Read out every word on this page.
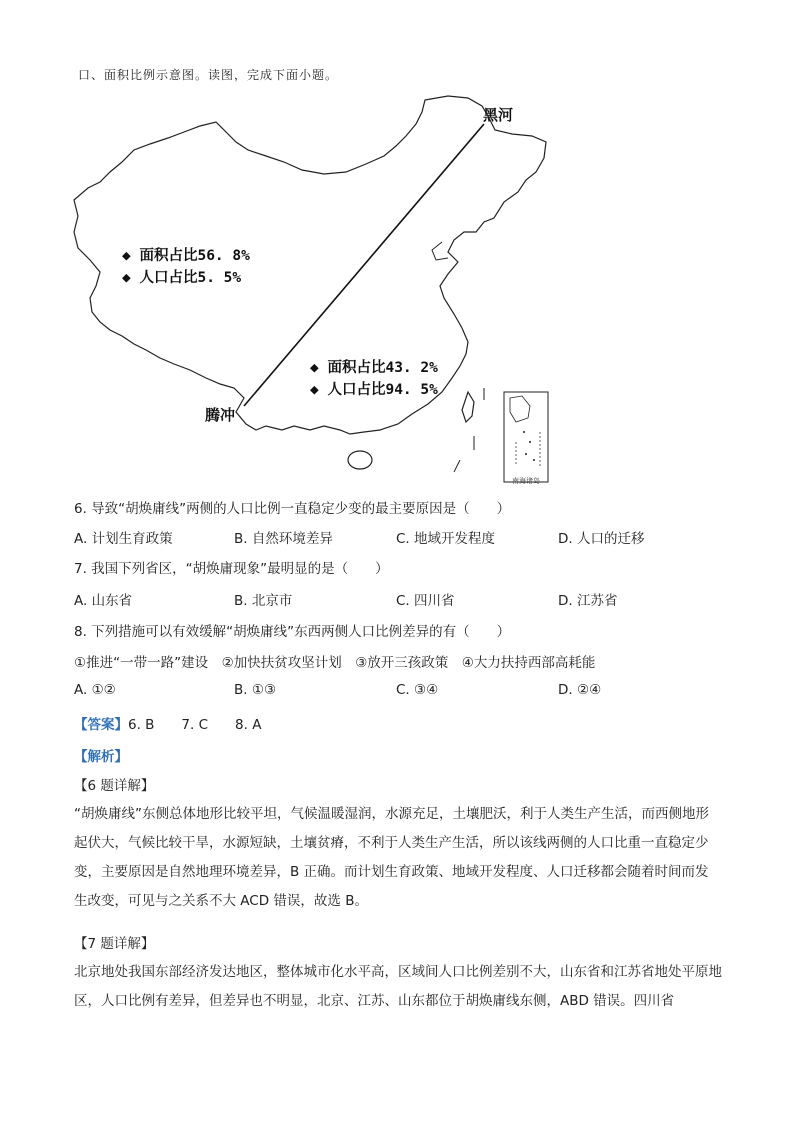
口、面积比例示意图。读图，完成下面小题。
南海诸岛
黑河
腾冲
◆ 面积占比56. 8%
◆ 人口占比5. 5%
◆ 面积占比43. 2%
◆ 人口占比94. 5%
6. 导致“胡焕庸线”两侧的人口比例一直稳定少变的最主要原因是（　　）
A. 计划生育政策	B. 自然环境差异	C. 地域开发程度	D. 人口的迁移
7. 我国下列省区，“胡焕庸现象”最明显的是（　　）
A. 山东省	B. 北京市	C. 四川省	D. 江苏省
8. 下列措施可以有效缓解“胡焕庸线”东西两侧人口比例差异的有（　　）
①推进“一带一路”建设　②加快扶贫攻坚计划　③放开三孩政策　④大力扶持西部高耗能
A. ①②	B. ①③	C. ③④	D. ②④
【答案】6. B　　7. C　　8. A
【解析】
【6 题详解】
“胡焕庸线”东侧总体地形比较平坦，气候温暖湿润，水源充足，土壤肥沃，利于人类生产生活，而西侧地形起伏大，气候比较干旱，水源短缺，土壤贫瘠，不利于人类生产生活，所以该线两侧的人口比重一直稳定少变，主要原因是自然地理环境差异，B 正确。而计划生育政策、地域开发程度、人口迁移都会随着时间而发生改变，可见与之关系不大 ACD 错误，故选 B。
【7 题详解】
北京地处我国东部经济发达地区，整体城市化水平高，区域间人口比例差别不大，山东省和江苏省地处平原地区，人口比例有差异，但差异也不明显，北京、江苏、山东都位于胡焕庸线东侧，ABD 错误。四川省
